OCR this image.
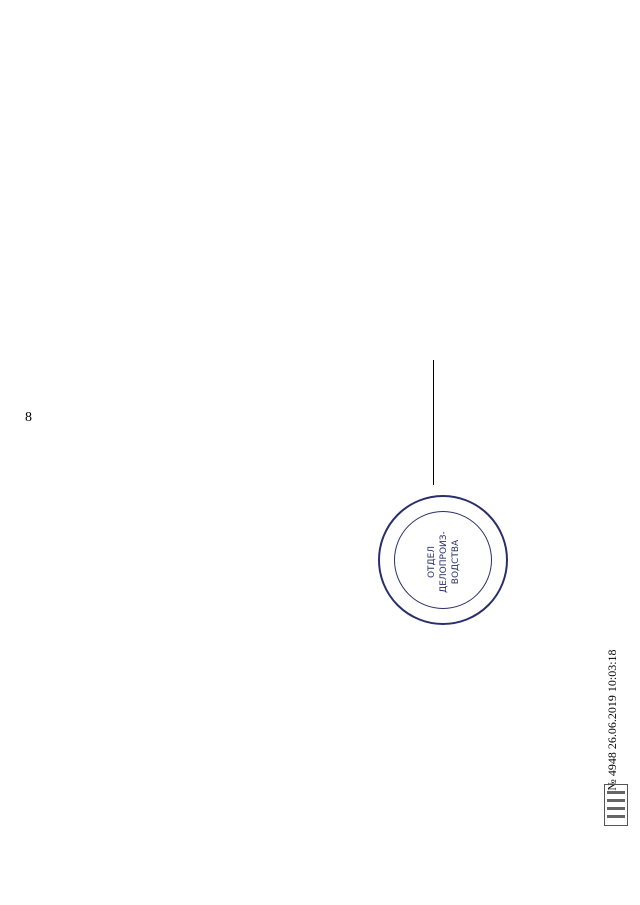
8

ОТДЕЛ ДЕЛОПРОИЗ- ВОДСТВА
№ 4948 26.06.2019 10:03:18
